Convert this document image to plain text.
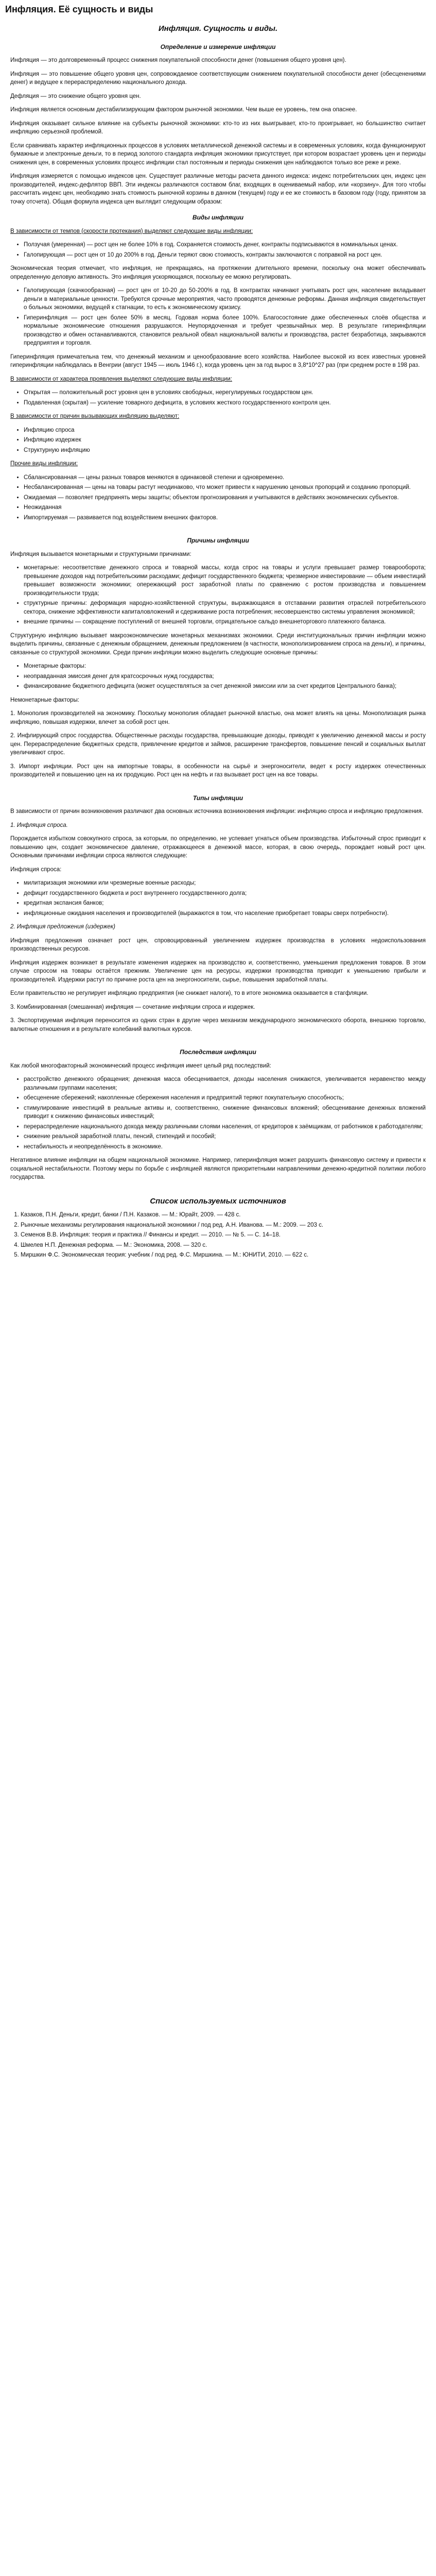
Инфляция. Её сущность и виды
Инфляция. Сущность и виды.
Определение и измерение инфляции

Инфляция — это долговременный процесс снижения покупательной способности денег (повышения общего уровня цен).

Инфляция — это повышение общего уровня цен, сопровождаемое соответствующим снижением покупательной способности денег (обесценениями денег) и ведущее к перераспределению национального дохода.

Дефляция — это снижение общего уровня цен.

Инфляция является основным дестабилизирующим фактором рыночной экономики. Чем выше ее уровень, тем она опаснее.

Инфляция оказывает сильное влияние на субъекты рыночной экономики: кто-то из них выигрывает, кто-то проигрывает, но большинство считает инфляцию серьезной проблемой.

Если сравнивать характер инфляционных процессов в условиях металлической денежной системы и в современных условиях, когда функционируют бумажные и электронные деньги, то в период золотого стандарта инфляция экономики присутствует, при котором возрастает уровень цен и периоды снижения цен, в современных условиях процесс инфляции стал постоянным и периоды снижения цен наблюдаются только все реже и реже.

Инфляция измеряется с помощью индексов цен. Существует различные методы расчета данного индекса: индекс потребительских цен, индекс цен производителей, индекс-дефлятор ВВП. Эти индексы различаются составом благ, входящих в оцениваемый набор, или «корзину». Для того чтобы рассчитать индекс цен, необходимо знать стоимость рыночной корзины в данном (текущем) году и ее же стоимость в базовом году (году, принятом за точку отсчета). Общая формула индекса цен выглядит следующим образом:

Виды инфляции

В зависимости от темпов (скорости протекания) выделяют следующие виды инфляции:

• Ползучая (умеренная) — рост цен не более 10% в год. Сохраняется стоимость денег, контракты подписываются в номинальных ценах.
• Галопирующая — рост цен от 10 до 200% в год. Деньги теряют свою стоимость, контракты заключаются с поправкой на рост цен.

Экономическая теория отмечает, что инфляция, не прекращаясь, на протяжении длительного времени, поскольку она может обеспечивать определенную деловую активность. Это инфляция ускоряющаяся, поскольку ее можно регулировать.

• Галопирующая (скачкообразная) — рост цен от 10-20 до 50-200% в год. В контрактах начинают учитывать рост цен, население вкладывает деньги в материальные ценности. Требуются срочные мероприятия, часто проводятся денежные реформы. Данная инфляция свидетельствует о больных экономики, ведущей к стагнации, то есть к экономическому кризису.
• Гиперинфляция — рост цен более 50% в месяц. Годовая норма более 100%. Благосостояние даже обеспеченных слоёв общества и нормальные экономические отношения разрушаются. Неупорядоченная и требует чрезвычайных мер. В результате гиперинфляции производство и обмен останавливаются, становится реальной обвал национальной валюты и производства, растет безработица, закрываются предприятия и торговля.

Гиперинфляция примечательна тем, что денежный механизм и ценообразование всего хозяйства. Наиболее высокой из всех известных уровней гиперинфляции наблюдалась в Венгрии (август 1945 — июль 1946 г.), когда уровень цен за год вырос в 3,8*10^27 раз (при среднем росте в 198 раз.

В зависимости от характера проявления выделяют следующие виды инфляции:

• Открытая — положительный рост уровня цен в условиях свободных, нерегулируемых государством цен.
• Подавленная (скрытая) — усиление товарного дефицита, в условиях жесткого государственного контроля цен.

В зависимости от причин вызывающих инфляцию выделяют:

• Инфляцию спроса
• Инфляцию издержек
• Структурную инфляцию

Прочие виды инфляции:

• Сбалансированная — цены разных товаров меняются в одинаковой степени и одновременно.
• Несбалансированная — цены на товары растут неодинаково, что может привести к нарушению ценовых пропорций и созданию пропорций.
• Ожидаемая — позволяет предпринять меры защиты; объектом прогнозирования и учитываются в действиях экономических субъектов.
• Неожиданная
• Импортируемая — развивается под воздействием внешних факторов.
Причины инфляции

Инфляция вызывается монетарными и структурными причинами:

• монетарные: несоответствие денежного спроса и товарной массы, когда спрос на товары и услуги превышает размер товарооборота; превышение доходов над потребительскими расходами; дефицит государственного бюджета; чрезмерное инвестирование — объем инвестиций превышает возможности экономики; опережающий рост заработной платы по сравнению с ростом производства и повышением производительности труда;
• структурные причины: деформация народно-хозяйственной структуры, выражающаяся в отставании развития отраслей потребительского сектора, снижение эффективности капиталовложений и сдерживание роста потребления; несовершенство системы управления экономикой;
• внешние причины — сокращение поступлений от внешней торговли, отрицательное сальдо внешнеторгового платежного баланса.

Структурную инфляцию вызывает макроэкономические монетарных механизмах экономики. Среди институциональных причин инфляции можно выделить причины, связанные с денежным обращением, денежным предложением (в частности, монополизированием спроса на деньги), и причины, связанные со структурой экономики. Среди причин инфляции можно выделить следующие основные причины:

• Монетарные факторы:
• неоправданная эмиссия денег для кратсосрочных нужд государства;
• финансирование бюджетного дефицита (может осуществляться за счет денежной эмиссии или за счет кредитов Центрального банка);

Немонетарные факторы:

1. Монополия производителей на экономику. Поскольку монополия обладает рыночной властью, она может влиять на цены. Монополизация рынка инфляцию, повышая издержки, влечет за собой рост цен.

2. Инфлирующий спрос государства. Общественные расходы государства, превышающие доходы, приводят к увеличению денежной массы и росту цен. Перераспределение бюджетных средств, привлечение кредитов и займов, расширение трансфертов, повышение пенсий и социальных выплат увеличивают спрос.

3. Импорт инфляции. Рост цен на импортные товары, в особенности на сырьё и энергоносители, ведет к росту издержек отечественных производителей и повышению цен на их продукцию. Рост цен на нефть и газ вызывает рост цен на все товары.

Типы инфляции

В зависимости от причин возникновения различают два основных источника возникновения инфляции: инфляцию спроса и инфляцию предложения.

1. Инфляция спроса.

Порождается избытком совокупного спроса, за которым, по определению, не успевает угнаться объем производства. Избыточный спрос приводит к повышению цен, создает экономическое давление, отражающееся в денежной массе, которая, в свою очередь, порождает новый рост цен. Основными причинами инфляции спроса являются следующие:

Инфляция спроса:

• милитаризация экономики или чрезмерные военные расходы;
• дефицит государственного бюджета и рост внутреннего государственного долга;
• кредитная экспансия банков;
• инфляционные ожидания населения и производителей (выражаются в том, что население приобретает товары сверх потребности).

2. Инфляция предложения (издержек)

Инфляция предложения означает рост цен, спровоцированный увеличением издержек производства в условиях недоиспользования производственных ресурсов.

Инфляция издержек возникает в результате изменения издержек на производство и, соответственно, уменьшения предложения товаров. В этом случае спросом на товары остаётся прежним. Увеличение цен на ресурсы, издержки производства приводит к уменьшению прибыли и производителей. Издержки растут по причине роста цен на энергоносители, сырье, повышения заработной платы.

Если правительство не регулирует инфляцию предприятия (не снижает налоги), то в итоге экономика оказывается в стагфляции.

3. Комбинированная (смешанная) инфляция — сочетание инфляции спроса и издержек.

3. Экспортируемая инфляция переносится из одних стран в другие через механизм международного экономического оборота, внешнюю торговлю, валютные отношения и в результате колебаний валютных курсов.

Последствия инфляции

Как любой многофакторный экономический процесс инфляция имеет целый ряд последствий:

• расстройство денежного обращения; денежная масса обесценивается, доходы населения снижаются, увеличивается неравенство между различными группами населения;
• обесценение сбережений; накопленные сбережения населения и предприятий теряют покупательную способность;
• стимулирование инвестиций в реальные активы и, соответственно, снижение финансовых вложений; обесценивание денежных вложений приводит к снижению финансовых инвестиций;
• перераспределение национального дохода между различными слоями населения, от кредиторов к заёмщикам, от работников к работодателям;
• снижение реальной заработной платы, пенсий, стипендий и пособий;
• нестабильность и неопределённость в экономике.

Негативное влияние инфляции на общем национальной экономике. Например, гиперинфляция может разрушить финансовую систему и привести к социальной нестабильности. Поэтому меры по борьбе с инфляцией являются приоритетными направлениями денежно-кредитной политики любого государства.

Список используемых источников
1. Казаков, П.Н. Деньги, кредит, банки / П.Н. Казаков. — М.: Юрайт, 2009. — 428 с.
2. Рыночные механизмы регулирования национальной экономики / под ред. А.Н. Иванова. — М.: 2009. — 203 с.
3. Семенов В.В. Инфляция: теория и практика // Финансы и кредит. — 2010. — № 5. — С. 14–18.
4. Шмелев Н.П. Денежная реформа. — М.: Экономика, 2008. — 320 с.
5. Миршкин Ф.С. Экономическая теория: учебник / под ред. Ф.С. Миршкина. — М.: ЮНИТИ, 2010. — 622 с.
